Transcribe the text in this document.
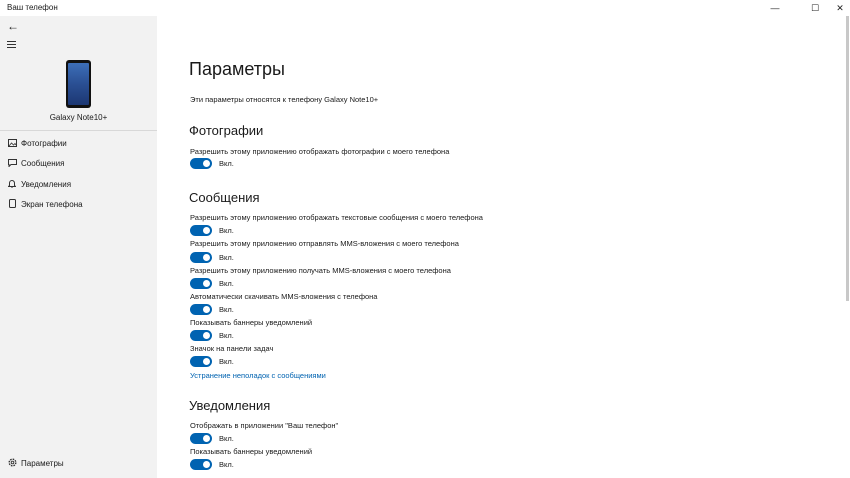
Ваш телефон	—	☐	✕
←
Galaxy Note10+
Фотографии
Сообщения
Уведомления
Экран телефона
Параметры
Параметры
Эти параметры относятся к телефону Galaxy Note10+
Фотографии
Разрешить этому приложению отображать фотографии с моего телефона
Вкл.
Сообщения
Разрешить этому приложению отображать текстовые сообщения с моего телефона
Вкл.
Разрешить этому приложению отправлять MMS-вложения с моего телефона
Вкл.
Разрешить этому приложению получать MMS-вложения с моего телефона
Вкл.
Автоматически скачивать MMS-вложения с телефона
Вкл.
Показывать баннеры уведомлений
Вкл.
Значок на панели задач
Вкл.
Устранение неполадок с сообщениями
Уведомления
Отображать в приложении "Ваш телефон"
Вкл.
Показывать баннеры уведомлений
Вкл.
